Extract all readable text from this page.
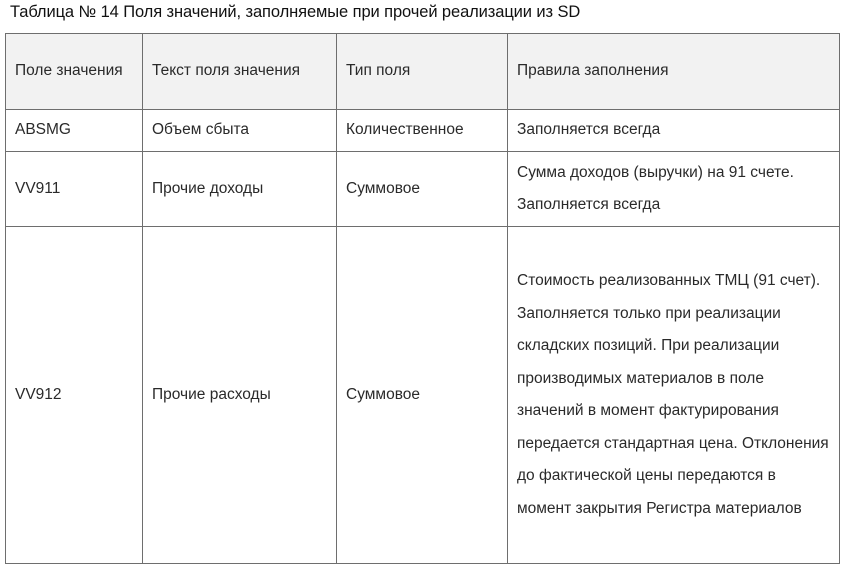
Таблица № 14 Поля значений, заполняемые при прочей реализации из SD
Поле значения	Текст поля значения	Тип поля	Правила заполнения
ABSMG	Объем сбыта	Количественное	Заполняется всегда
VV911	Прочие доходы	Суммовое	Сумма доходов (выручки) на 91 счете. Заполняется всегда
VV912	Прочие расходы	Суммовое	Стоимость реализованных ТМЦ (91 счет). Заполняется только при реализации складских позиций. При реализации производимых материалов в поле значений в момент фактурирования передается стандартная цена. Отклонения до фактической цены передаются в момент закрытия Регистра материалов
